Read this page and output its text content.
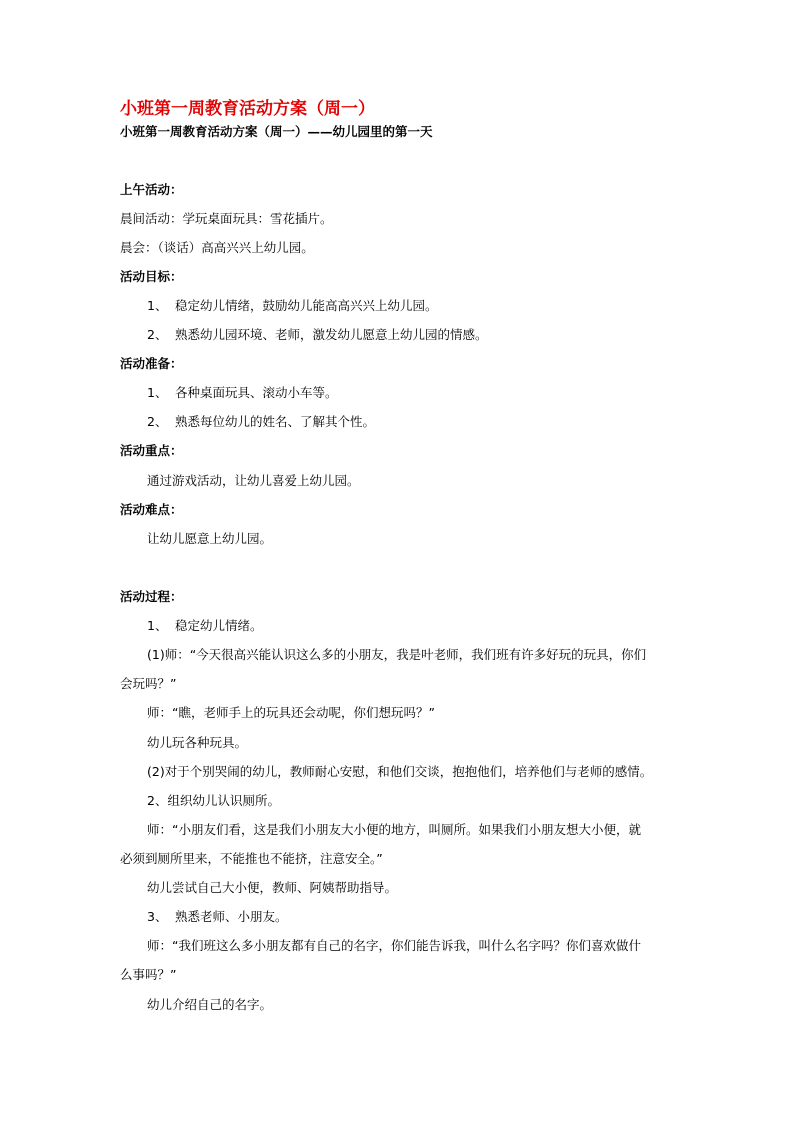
小班第一周教育活动方案（周一）
小班第一周教育活动方案（周一）——幼儿园里的第一天
上午活动：
晨间活动：学玩桌面玩具：雪花插片。
晨会：（谈话）高高兴兴上幼儿园。
活动目标：
1、 稳定幼儿情绪，鼓励幼儿能高高兴兴上幼儿园。
2、 熟悉幼儿园环境、老师，激发幼儿愿意上幼儿园的情感。
活动准备：
1、 各种桌面玩具、滚动小车等。
2、 熟悉每位幼儿的姓名、了解其个性。
活动重点：
通过游戏活动，让幼儿喜爱上幼儿园。
活动难点：
让幼儿愿意上幼儿园。
活动过程：
1、 稳定幼儿情绪。
(1)师：“今天很高兴能认识这么多的小朋友，我是叶老师，我们班有许多好玩的玩具，你们
会玩吗？”
师：“瞧，老师手上的玩具还会动呢，你们想玩吗？”
幼儿玩各种玩具。
(2)对于个别哭闹的幼儿，教师耐心安慰，和他们交谈，抱抱他们，培养他们与老师的感情。
2、组织幼儿认识厕所。
师：“小朋友们看，这是我们小朋友大小便的地方，叫厕所。如果我们小朋友想大小便，就
必须到厕所里来，不能推也不能挤，注意安全。”
幼儿尝试自己大小便，教师、阿姨帮助指导。
3、 熟悉老师、小朋友。
师：“我们班这么多小朋友都有自己的名字，你们能告诉我，叫什么名字吗？你们喜欢做什
么事吗？”
幼儿介绍自己的名字。
